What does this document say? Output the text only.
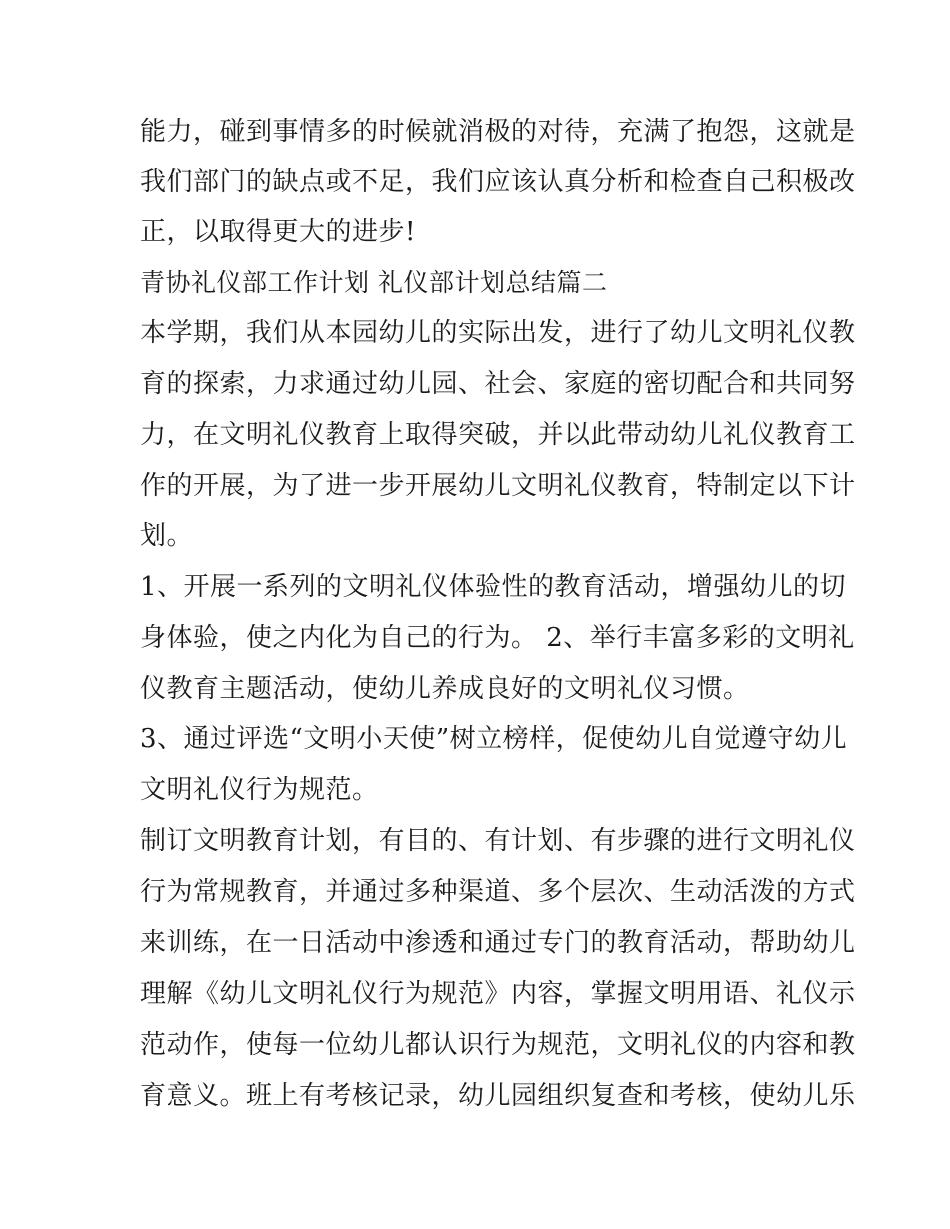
能力，碰到事情多的时候就消极的对待，充满了抱怨，这就是
我们部门的缺点或不足，我们应该认真分析和检查自己积极改
正，以取得更大的进步!
青协礼仪部工作计划 礼仪部计划总结篇二
本学期，我们从本园幼儿的实际出发，进行了幼儿文明礼仪教
育的探索，力求通过幼儿园、社会、家庭的密切配合和共同努
力，在文明礼仪教育上取得突破，并以此带动幼儿礼仪教育工
作的开展，为了进一步开展幼儿文明礼仪教育，特制定以下计
划。
1、开展一系列的文明礼仪体验性的教育活动，增强幼儿的切
身体验，使之内化为自己的行为。 2、举行丰富多彩的文明礼
仪教育主题活动，使幼儿养成良好的文明礼仪习惯。
3、通过评选“文明小天使”树立榜样，促使幼儿自觉遵守幼儿
文明礼仪行为规范。
制订文明教育计划，有目的、有计划、有步骤的进行文明礼仪
行为常规教育，并通过多种渠道、多个层次、生动活泼的方式
来训练，在一日活动中渗透和通过专门的教育活动，帮助幼儿
理解《幼儿文明礼仪行为规范》内容，掌握文明用语、礼仪示
范动作，使每一位幼儿都认识行为规范，文明礼仪的内容和教
育意义。班上有考核记录，幼儿园组织复查和考核，使幼儿乐
